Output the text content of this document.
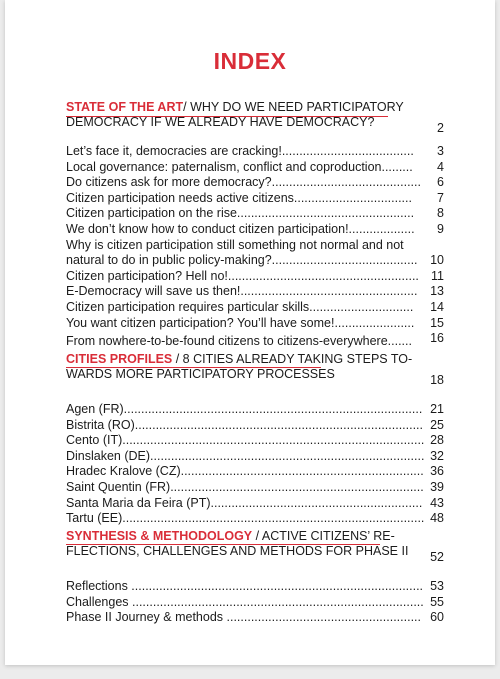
INDEX
STATE OF THE ART/ WHY DO WE NEED PARTICIPATORY
DEMOCRACY IF WE ALREADY HAVE DEMOCRACY?	2
Let’s face it, democracies are cracking!...................................... 3
Local governance: paternalism, conflict and coproduction......... 4
Do citizens ask for more democracy?........................................... 6
Citizen participation needs active citizens.................................. 7
Citizen participation on the rise................................................... 8
We don’t know how to conduct citizen participation!................... 9
Why is citizen participation still something not normal and not
natural to do in public policy-making?.......................................... 10
Citizen participation? Hell no!....................................................... 11
E-Democracy will save us then!................................................... 13
Citizen participation requires particular skills.............................. 14
You want citizen participation? You’ll have some!....................... 15
From nowhere-to-be-found citizens to citizens-everywhere....... 16
CITIES PROFILES / 8 CITIES ALREADY TAKING STEPS TO-
WARDS MORE PARTICIPATORY PROCESSES	18
Agen (FR)...................................................................................... 21
Bistrita (RO)................................................................................... 25
Cento (IT)....................................................................................... 28
Dinslaken (DE)............................................................................... 32
Hradec Kralove (CZ)...................................................................... 36
Saint Quentin (FR)......................................................................... 39
Santa Maria da Feira (PT)............................................................. 43
Tartu (EE)....................................................................................... 48
SYNTHESIS & METHODOLOGY / ACTIVE CITIZENS’ RE-
FLECTIONS, CHALLENGES AND METHODS FOR PHASE II 52
Reflections .................................................................................... 53
Challenges .................................................................................... 55
Phase II Journey & methods ........................................................ 60
